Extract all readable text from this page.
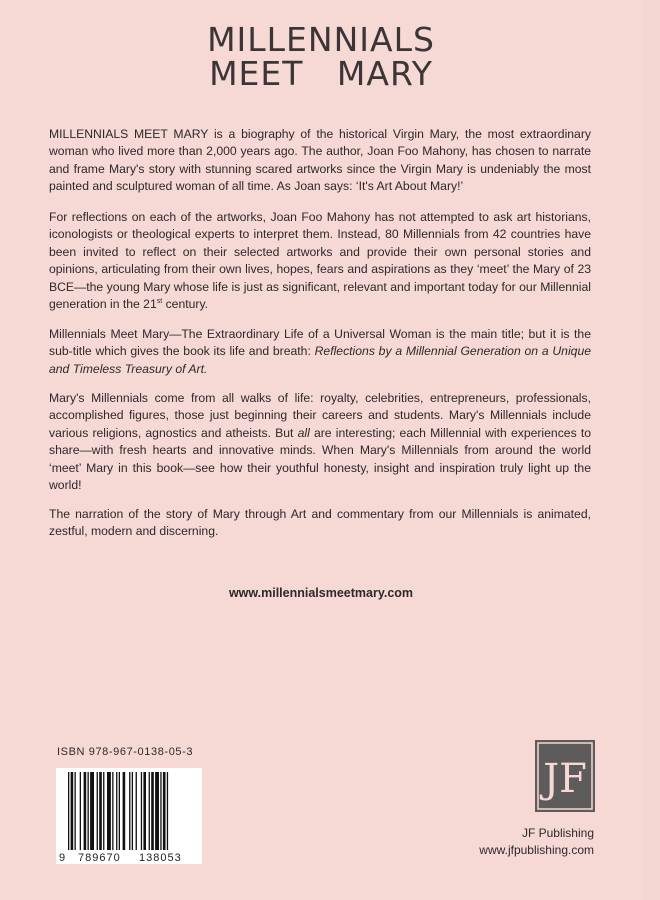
MILLENNIALS
MEET MARY

MILLENNIALS MEET MARY is a biography of the historical Virgin Mary, the most extraordinary woman who lived more than 2,000 years ago. The author, Joan Foo Mahony, has chosen to narrate and frame Mary's story with stunning scared artworks since the Virgin Mary is undeniably the most painted and sculptured woman of all time. As Joan says: ‘It's Art About Mary!’

For reflections on each of the artworks, Joan Foo Mahony has not attempted to ask art historians, iconologists or theological experts to interpret them. Instead, 80 Millennials from 42 countries have been invited to reflect on their selected artworks and provide their own personal stories and opinions, articulating from their own lives, hopes, fears and aspirations as they ‘meet’ the Mary of 23 BCE—the young Mary whose life is just as significant, relevant and important today for our Millennial generation in the 21st century.

Millennials Meet Mary—The Extraordinary Life of a Universal Woman is the main title; but it is the sub-title which gives the book its life and breath: Reflections by a Millennial Generation on a Unique and Timeless Treasury of Art.

Mary's Millennials come from all walks of life: royalty, celebrities, entrepreneurs, professionals, accomplished figures, those just beginning their careers and students. Mary's Millennials include various religions, agnostics and atheists. But all are interesting; each Millennial with experiences to share—with fresh hearts and innovative minds. When Mary's Millennials from around the world ‘meet’ Mary in this book—see how their youthful honesty, insight and inspiration truly light up the world!

The narration of the story of Mary through Art and commentary from our Millennials is animated, zestful, modern and discerning.

www.millennialsmeetmary.com
ISBN 978-967-0138-05-3
9 789670 138053
JF
JF Publishing
www.jfpublishing.com
